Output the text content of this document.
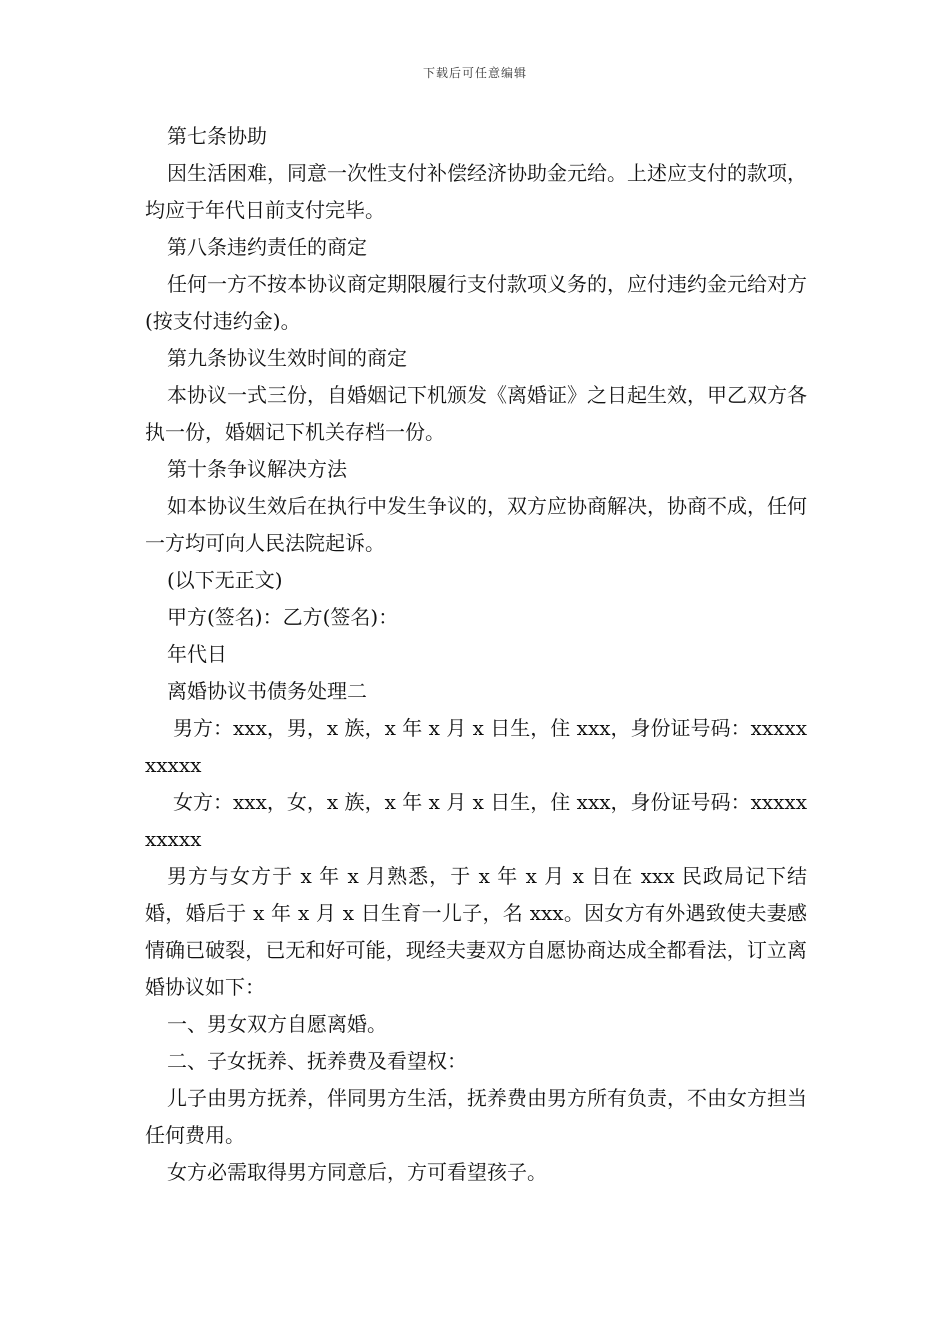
下载后可任意编辑

第七条协助

因生活困难，同意一次性支付补偿经济协助金元给。上述应支付的款项，均应于年代日前支付完毕。

第八条违约责任的商定

任何一方不按本协议商定期限履行支付款项义务的，应付违约金元给对方(按支付违约金)。

第九条协议生效时间的商定

本协议一式三份，自婚姻记下机颁发《离婚证》之日起生效，甲乙双方各执一份，婚姻记下机关存档一份。

第十条争议解决方法

如本协议生效后在执行中发生争议的，双方应协商解决，协商不成，任何一方均可向人民法院起诉。

(以下无正文)

甲方(签名)：乙方(签名)：

年代日

离婚协议书债务处理二

男方：xxx，男，x 族，x 年 x 月 x 日生，住 xxx，身份证号码：xxxxxxxxxx

女方：xxx，女，x 族，x 年 x 月 x 日生，住 xxx，身份证号码：xxxxxxxxxx

男方与女方于 x 年 x 月熟悉，于 x 年 x 月 x 日在 xxx 民政局记下结婚，婚后于 x 年 x 月 x 日生育一儿子，名 xxx。因女方有外遇致使夫妻感情确已破裂，已无和好可能，现经夫妻双方自愿协商达成全都看法，订立离婚协议如下：

一、男女双方自愿离婚。

二、子女抚养、抚养费及看望权：

儿子由男方抚养，伴同男方生活，抚养费由男方所有负责，不由女方担当任何费用。

女方必需取得男方同意后，方可看望孩子。
